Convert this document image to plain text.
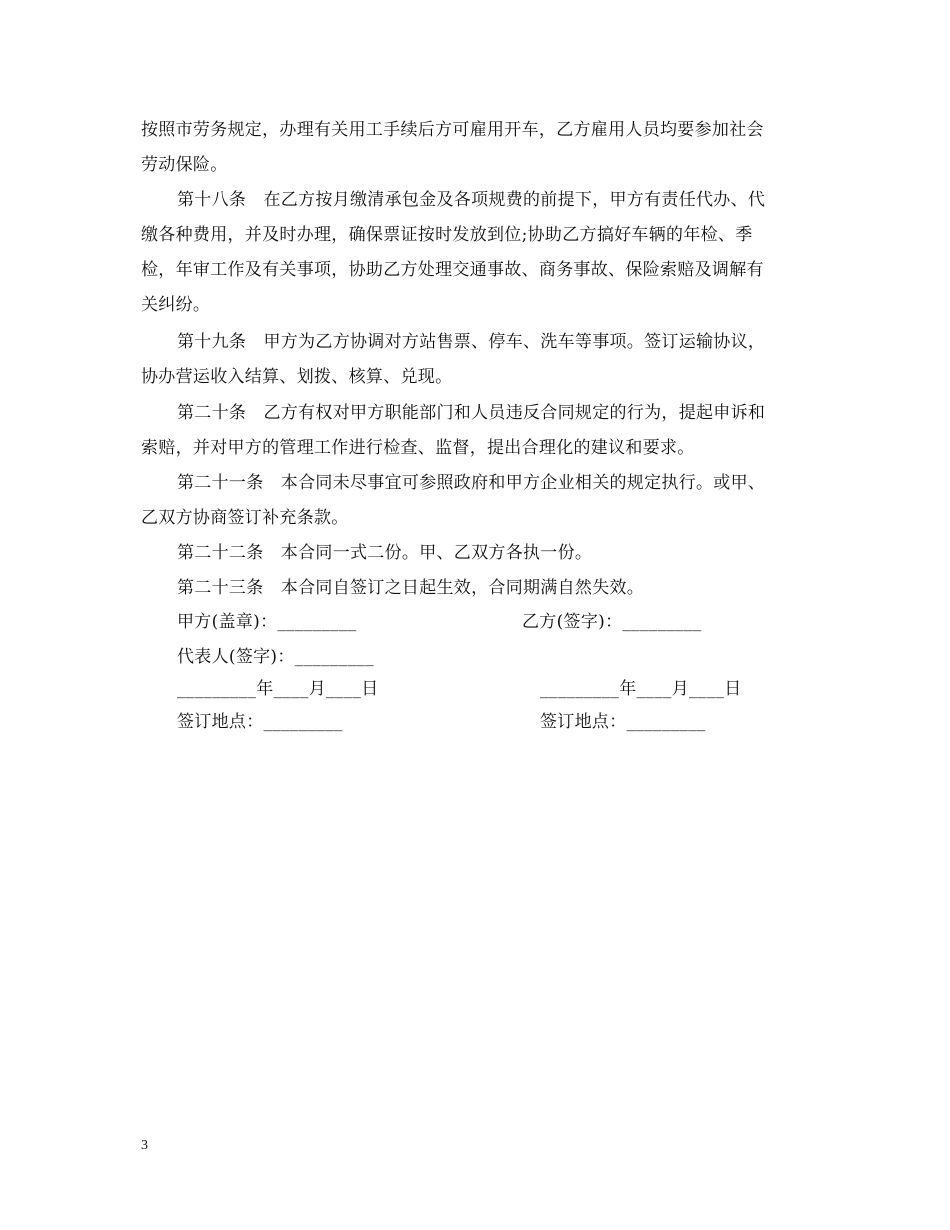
按照市劳务规定，办理有关用工手续后方可雇用开车，乙方雇用人员均要参加社会
劳动保险。
第十八条　在乙方按月缴清承包金及各项规费的前提下，甲方有责任代办、代
缴各种费用，并及时办理，确保票证按时发放到位;协助乙方搞好车辆的年检、季
检，年审工作及有关事项，协助乙方处理交通事故、商务事故、保险索赔及调解有
关纠纷。
第十九条　甲方为乙方协调对方站售票、停车、洗车等事项。签订运输协议，
协办营运收入结算、划拨、核算、兑现。
第二十条　乙方有权对甲方职能部门和人员违反合同规定的行为，提起申诉和
索赔，并对甲方的管理工作进行检查、监督，提出合理化的建议和要求。
第二十一条　本合同未尽事宜可参照政府和甲方企业相关的规定执行。或甲、
乙双方协商签订补充条款。
第二十二条　本合同一式二份。甲、乙双方各执一份。
第二十三条　本合同自签订之日起生效，合同期满自然失效。
甲方(盖章)：_________	乙方(签字)：_________
代表人(签字)：_________
_________年____月____日	_________年____月____日
签订地点：_________	签订地点：_________
3
